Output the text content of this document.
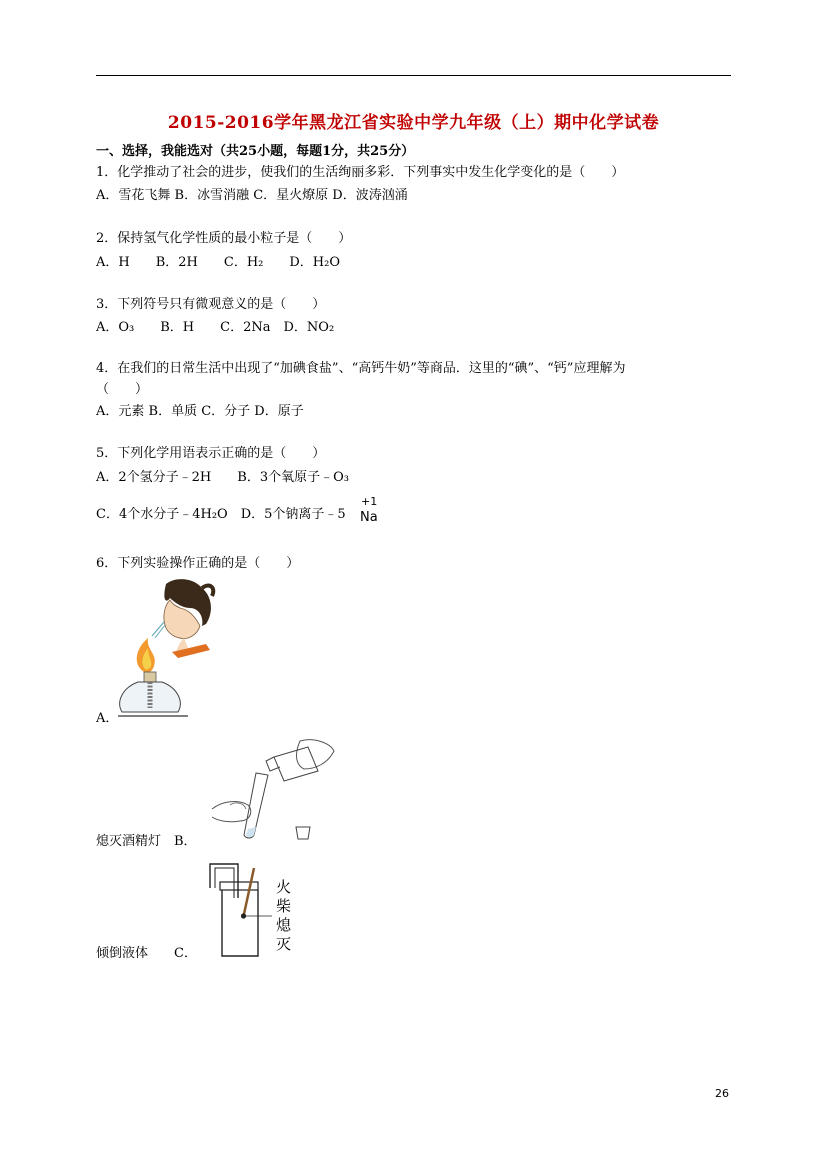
2015-2016学年黑龙江省实验中学九年级（上）期中化学试卷
一、选择，我能选对（共25小题，每题1分，共25分）
1．化学推动了社会的进步，使我们的生活绚丽多彩．下列事实中发生化学变化的是（　　）
A．雪花飞舞 B．冰雪消融 C．星火燎原 D．波涛汹涌
2．保持氢气化学性质的最小粒子是（　　）
A．H　　B．2H　　C．H₂　　D．H₂O
3．下列符号只有微观意义的是（　　）
A．O₃　　B．H　　C．2Na　D．NO₂
4．在我们的日常生活中出现了“加碘食盐”、“高钙牛奶”等商品．这里的“碘”、“钙”应理解为
（　　）
A．元素 B．单质 C．分子 D．原子
5．下列化学用语表示正确的是（　　）
A．2个氢分子﹣2H　　B．3个氧原子﹣O₃
C．4个水分子﹣4H₂O　D．5个钠离子﹣5
+1
Na
6．下列实验操作正确的是（　　）
A．
熄灭酒精灯　B．
火
柴
熄
灭
倾倒液体　　C．
26
